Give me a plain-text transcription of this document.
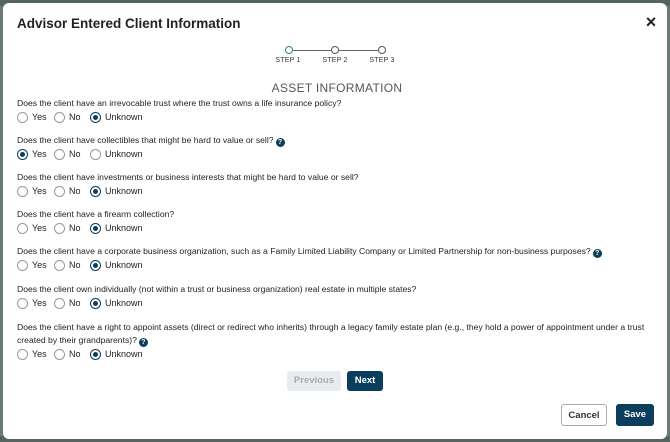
Advisor Entered Client Information	×
STEP 1	STEP 2	STEP 3
ASSET INFORMATION
Does the client have an irrevocable trust where the trust owns a life insurance policy?
Yes No	Unknown
Does the client have collectibles that might be hard to value or sell? ?
Yes No	Unknown
Does the client have investments or business interests that might be hard to value or sell?
Yes No	Unknown
Does the client have a firearm collection?
Yes No	Unknown
Does the client have a corporate business organization, such as a Family Limited Liability Company or Limited Partnership for non-business purposes? ?
Yes No	Unknown
Does the client own individually (not within a trust or business organization) real estate in multiple states?
Yes No	Unknown
Does the client have a right to appoint assets (direct or redirect who inherits) through a legacy family estate plan (e.g., they hold a power of appointment under a trust created by their grandparents)? ?
Yes No	Unknown
Previous	Next
Cancel	Save
